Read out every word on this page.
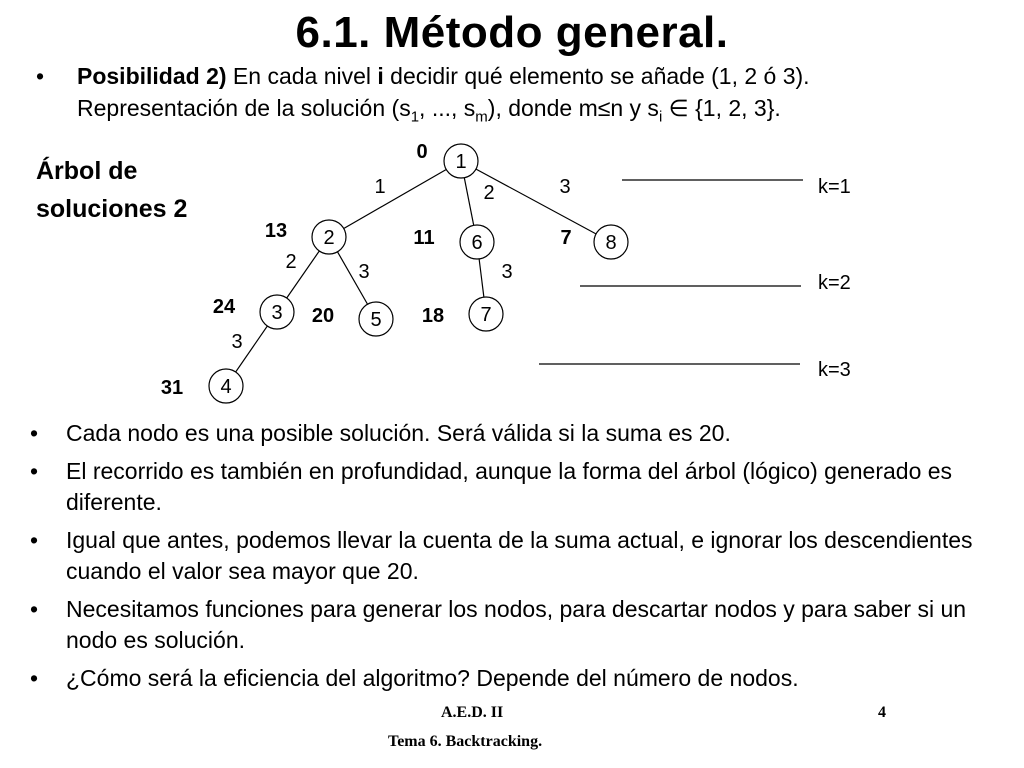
6.1. Método general.
• Posibilidad 2) En cada nivel i decidir qué elemento se añade (1, 2 ó 3).
Representación de la solución ($s_1$, ..., $s_m$), donde m≤n y $s_i$ ∈ {1, 2, 3}.
Árbol de
soluciones 2
1	2	3
2	3	3
3
1
0
2
13
6
11	8
7
3
24
5
20	7
18
4
31
k=1
k=2
k=3
• Cada nodo es una posible solución. Será válida si la suma es 20.
• El recorrido es también en profundidad, aunque la forma del árbol (lógico) generado es diferente.
• Igual que antes, podemos llevar la cuenta de la suma actual, e ignorar los descendientes cuando el valor sea mayor que 20.
• Necesitamos funciones para generar los nodos, para descartar nodos y para saber si un nodo es solución.
• ¿Cómo será la eficiencia del algoritmo? Depende del número de nodos.
A.E.D. II	4
Tema 6. Backtracking.
